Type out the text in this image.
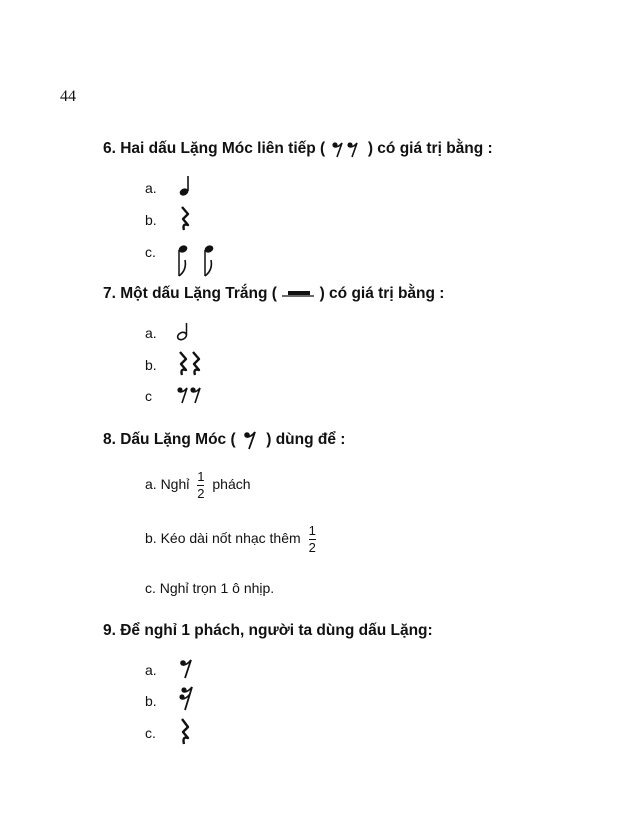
44
6. Hai dấu Lặng Móc liên tiếp (	) có giá trị bằng :
a.
b.
c.
7. Một dấu Lặng Trắng (	) có giá trị bằng :
a.
b.
c
8. Dấu Lặng Móc ( ) dùng để :
a. Nghỉ $\frac{1}{2}$ phách
b. Kéo dài nốt nhạc thêm $\frac{1}{2}$
c. Nghỉ trọn 1 ô nhịp.
9. Để nghỉ 1 phách, người ta dùng dấu Lặng:
a.
b.
c.
